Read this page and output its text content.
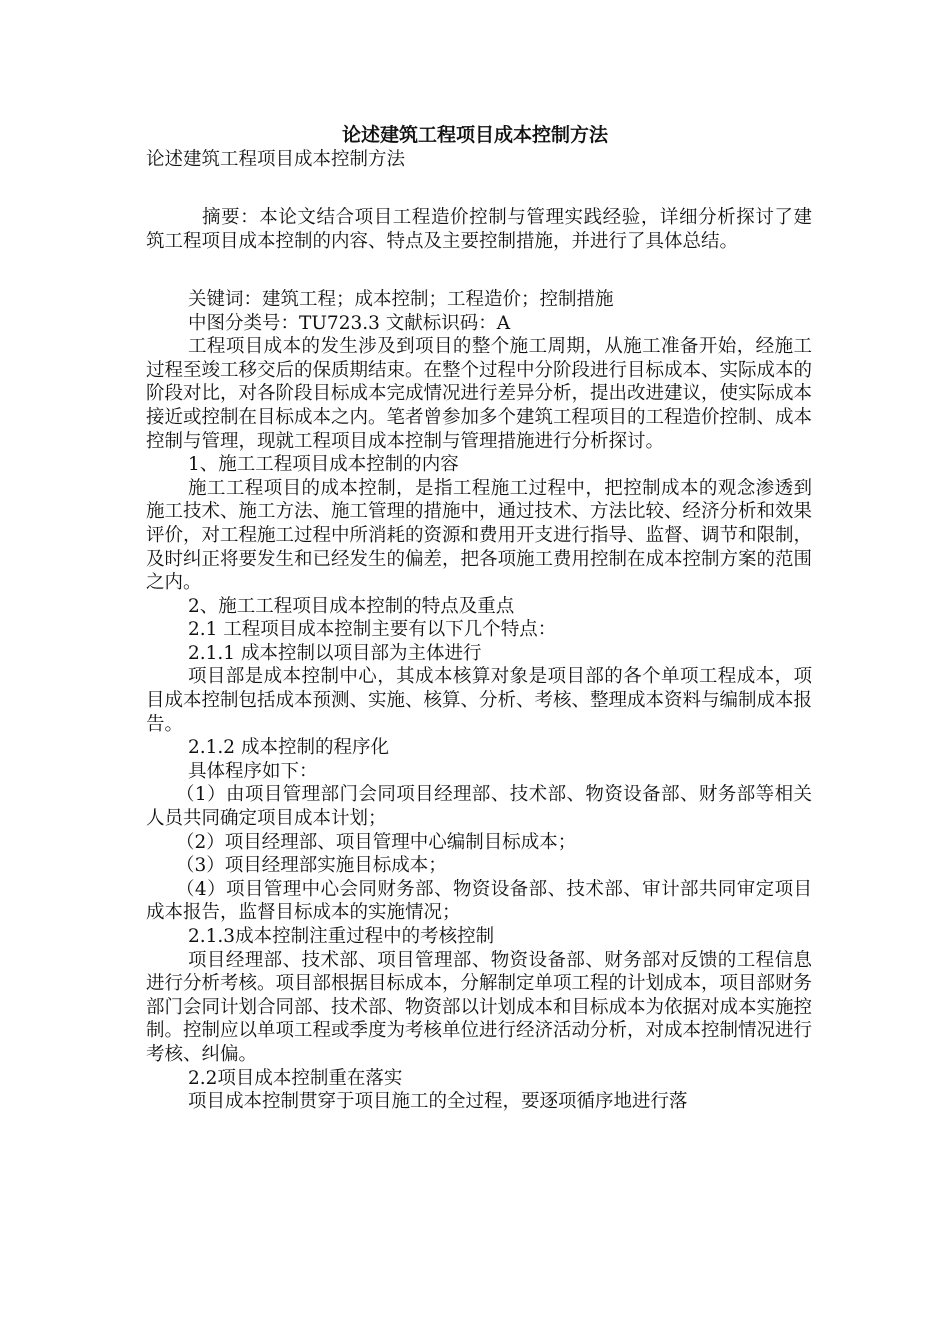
论述建筑工程项目成本控制方法

论述建筑工程项目成本控制方法

摘要：本论文结合项目工程造价控制与管理实践经验，详细分析探讨了建筑工程项目成本控制的内容、特点及主要控制措施，并进行了具体总结。

关键词：建筑工程；成本控制；工程造价；控制措施

中图分类号：TU723.3 文献标识码：A

工程项目成本的发生涉及到项目的整个施工周期，从施工准备开始，经施工过程至竣工移交后的保质期结束。在整个过程中分阶段进行目标成本、实际成本的阶段对比，对各阶段目标成本完成情况进行差异分析，提出改进建议，使实际成本接近或控制在目标成本之内。笔者曾参加多个建筑工程项目的工程造价控制、成本控制与管理，现就工程项目成本控制与管理措施进行分析探讨。

1、施工工程项目成本控制的内容

施工工程项目的成本控制，是指工程施工过程中，把控制成本的观念渗透到施工技术、施工方法、施工管理的措施中，通过技术、方法比较、经济分析和效果评价，对工程施工过程中所消耗的资源和费用开支进行指导、监督、调节和限制，及时纠正将要发生和已经发生的偏差，把各项施工费用控制在成本控制方案的范围之内。

2、施工工程项目成本控制的特点及重点

2.1 工程项目成本控制主要有以下几个特点：

2.1.1 成本控制以项目部为主体进行

项目部是成本控制中心，其成本核算对象是项目部的各个单项工程成本，项目成本控制包括成本预测、实施、核算、分析、考核、整理成本资料与编制成本报告。

2.1.2 成本控制的程序化

具体程序如下：

（1）由项目管理部门会同项目经理部、技术部、物资设备部、财务部等相关人员共同确定项目成本计划；

（2）项目经理部、项目管理中心编制目标成本；

（3）项目经理部实施目标成本；

（4）项目管理中心会同财务部、物资设备部、技术部、审计部共同审定项目成本报告，监督目标成本的实施情况；

2.1.3成本控制注重过程中的考核控制

项目经理部、技术部、项目管理部、物资设备部、财务部对反馈的工程信息进行分析考核。项目部根据目标成本，分解制定单项工程的计划成本，项目部财务部门会同计划合同部、技术部、物资部以计划成本和目标成本为依据对成本实施控制。控制应以单项工程或季度为考核单位进行经济活动分析，对成本控制情况进行考核、纠偏。

2.2项目成本控制重在落实

项目成本控制贯穿于项目施工的全过程，要逐项循序地进行落
